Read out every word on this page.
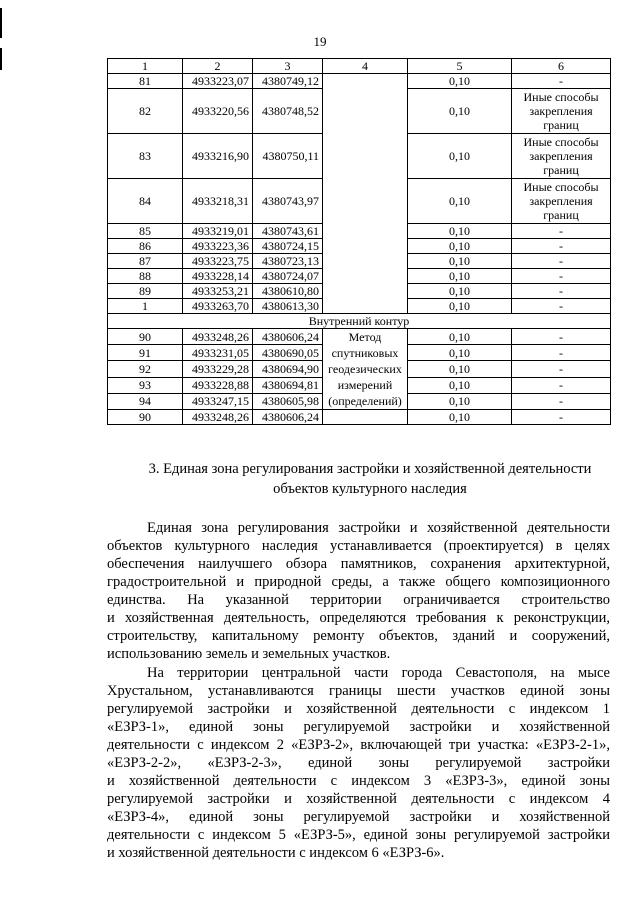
19
1	2	3	4	5	6
81	4933223,07	4380749,12		0,10	-
82	4933220,56	4380748,52		0,10	Иные способы закрепления границ
83	4933216,90	4380750,11		0,10	Иные способы закрепления границ
84	4933218,31	4380743,97		0,10	Иные способы закрепления границ
85	4933219,01	4380743,61		0,10	-
86	4933223,36	4380724,15		0,10	-
87	4933223,75	4380723,13		0,10	-
88	4933228,14	4380724,07		0,10	-
89	4933253,21	4380610,80		0,10	-
1	4933263,70	4380613,30		0,10	-
Внутренний контур					
90	4933248,26	4380606,24	Метод спутниковых геодезических измерений (определений)	0,10	-
91	4933231,05	4380690,05		0,10	-
92	4933229,28	4380694,90		0,10	-
93	4933228,88	4380694,81		0,10	-
94	4933247,15	4380605,98		0,10	-
90	4933248,26	4380606,24		0,10	-
3. Единая зона регулирования застройки и хозяйственной деятельности
объектов культурного наследия
Единая зона регулирования застройки и хозяйственной деятельности
объектов культурного наследия устанавливается (проектируется) в целях
обеспечения наилучшего обзора памятников, сохранения архитектурной,
градостроительной и природной среды, а также общего композиционного
единства. На указанной территории ограничивается строительство
и хозяйственная деятельность, определяются требования к реконструкции,
строительству, капитальному ремонту объектов, зданий и сооружений,
использованию земель и земельных участков.
На территории центральной части города Севастополя, на мысе
Хрустальном, устанавливаются границы шести участков единой зоны
регулируемой застройки и хозяйственной деятельности с индексом 1
«ЕЗРЗ-1», единой зоны регулируемой застройки и хозяйственной
деятельности с индексом 2 «ЕЗРЗ-2», включающей три участка: «ЕЗРЗ-2-1»,
«ЕЗРЗ-2-2», «ЕЗРЗ-2-3», единой зоны регулируемой застройки
и хозяйственной деятельности с индексом 3 «ЕЗРЗ-3», единой зоны
регулируемой застройки и хозяйственной деятельности с индексом 4
«ЕЗРЗ-4», единой зоны регулируемой застройки и хозяйственной
деятельности с индексом 5 «ЕЗРЗ-5», единой зоны регулируемой застройки
и хозяйственной деятельности с индексом 6 «ЕЗРЗ-6».
